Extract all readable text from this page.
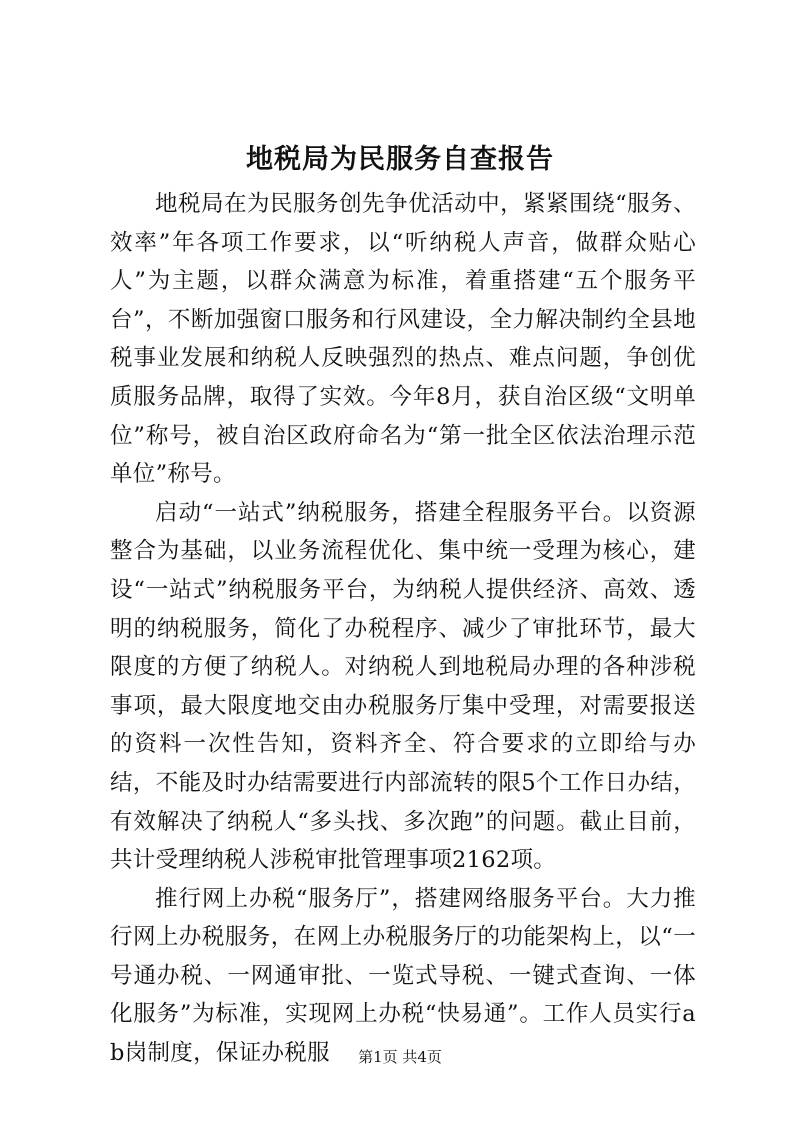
地税局为民服务自查报告

地税局在为民服务创先争优活动中，紧紧围绕“服务、效率”年各项工作要求，以“听纳税人声音，做群众贴心人”为主题，以群众满意为标准，着重搭建“五个服务平台”，不断加强窗口服务和行风建设，全力解决制约全县地税事业发展和纳税人反映强烈的热点、难点问题，争创优质服务品牌，取得了实效。今年8月，获自治区级“文明单位”称号，被自治区政府命名为“第一批全区依法治理示范单位”称号。

启动“一站式”纳税服务，搭建全程服务平台。以资源整合为基础，以业务流程优化、集中统一受理为核心，建设“一站式”纳税服务平台，为纳税人提供经济、高效、透明的纳税服务，简化了办税程序、减少了审批环节，最大限度的方便了纳税人。对纳税人到地税局办理的各种涉税事项，最大限度地交由办税服务厅集中受理，对需要报送的资料一次性告知，资料齐全、符合要求的立即给与办结，不能及时办结需要进行内部流转的限5个工作日办结，有效解决了纳税人“多头找、多次跑”的问题。截止目前，共计受理纳税人涉税审批管理事项2162项。

推行网上办税“服务厅”，搭建网络服务平台。大力推行网上办税服务，在网上办税服务厅的功能架构上，以“一号通办税、一网通审批、一览式导税、一键式查询、一体化服务”为标准，实现网上办税“快易通”。工作人员实行ab岗制度，保证办税服	第1页 共4页
